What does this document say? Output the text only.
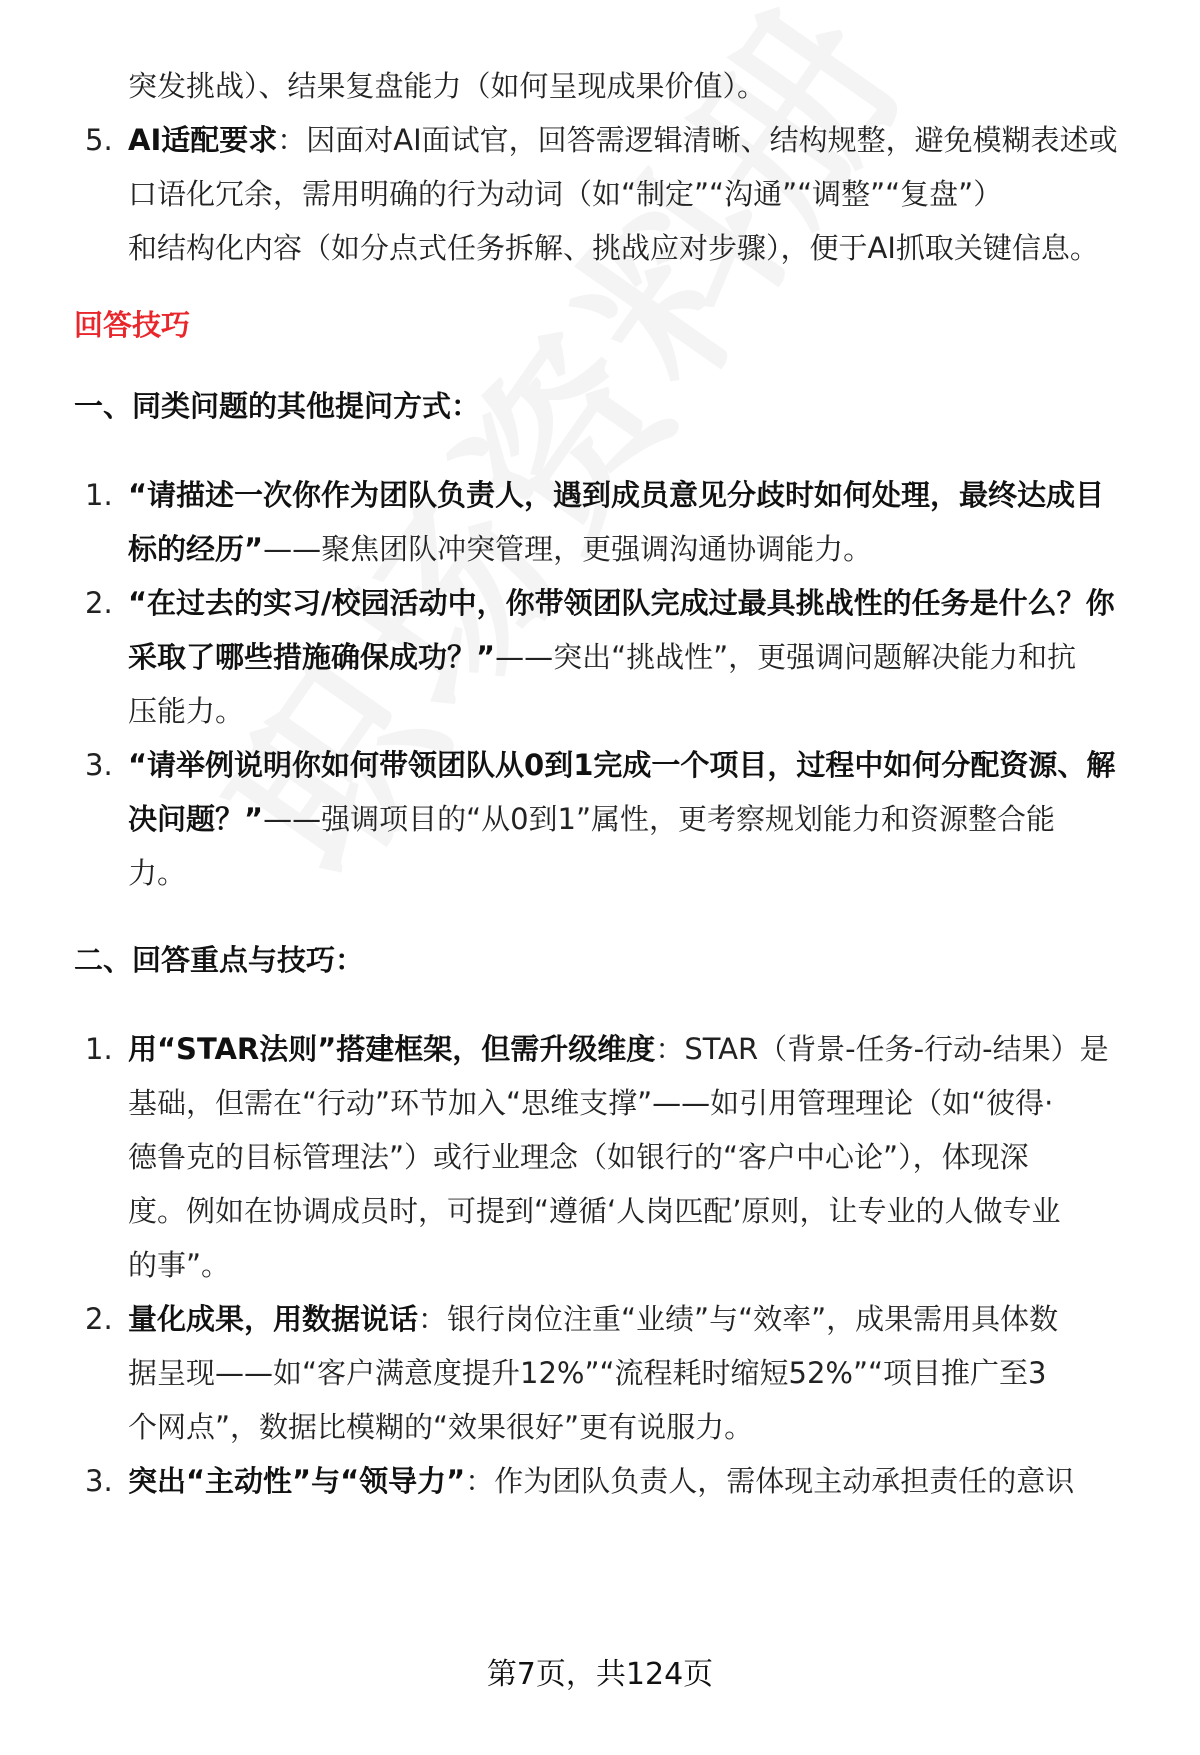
突发挑战）、结果复盘能力（如何呈现成果价值）。
5. AI适配要求：因面对AI面试官，回答需逻辑清晰、结构规整，避免模糊表述或
口语化冗余，需用明确的行为动词（如“制定”“沟通”“调整”“复盘”）
和结构化内容（如分点式任务拆解、挑战应对步骤），便于AI抓取关键信息。
回答技巧
一、同类问题的其他提问方式：
1. “请描述一次你作为团队负责人，遇到成员意见分歧时如何处理，最终达成目
标的经历”——聚焦团队冲突管理，更强调沟通协调能力。
2. “在过去的实习/校园活动中，你带领团队完成过最具挑战性的任务是什么？你
采取了哪些措施确保成功？”——突出“挑战性”，更强调问题解决能力和抗
压能力。
3. “请举例说明你如何带领团队从0到1完成一个项目，过程中如何分配资源、解
决问题？”——强调项目的“从0到1”属性，更考察规划能力和资源整合能
力。
二、回答重点与技巧：
1. 用“STAR法则”搭建框架，但需升级维度：STAR（背景-任务-行动-结果）是
基础，但需在“行动”环节加入“思维支撑”——如引用管理理论（如“彼得·
德鲁克的目标管理法”）或行业理念（如银行的“客户中心论”），体现深
度。例如在协调成员时，可提到“遵循‘人岗匹配’原则，让专业的人做专业
的事”。
2. 量化成果，用数据说话：银行岗位注重“业绩”与“效率”，成果需用具体数
据呈现——如“客户满意度提升12%”“流程耗时缩短52%”“项目推广至3
个网点”，数据比模糊的“效果很好”更有说服力。
3. 突出“主动性”与“领导力”：作为团队负责人，需体现主动承担责任的意识
第7页，共124页
